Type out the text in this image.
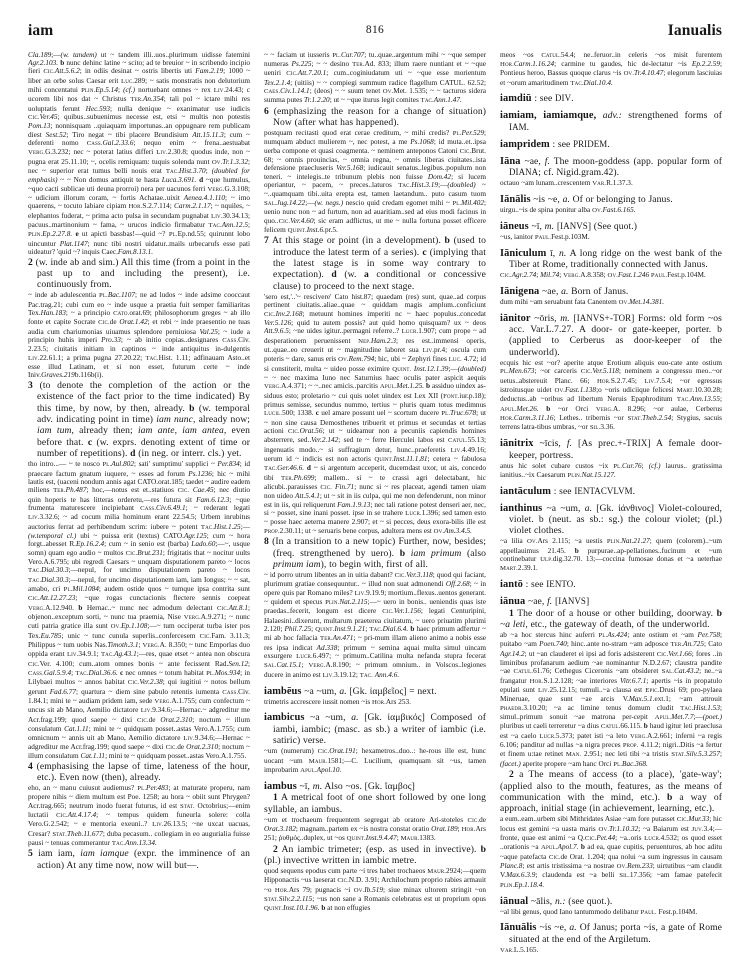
iam	816	Ianualis
Cla.189;—(w. tandem) ut ~ tandem illi..uos..plurimum uidisse fatemini Agr.2.103. b nunc dehinc latine ~ scito; ad te breuior ~ in scribendo incipio fieri Cic.Att.5.6.2; in odiis desinat ~ ostris libertis uti Fam.2.19; 1000 ~ liber an orbe solus Caesar erit Luc.289; ~ satis monstratis non delutorium mihi concentatui Plin.Ep.5.14; (cf.) nortuebant omnes ~ rex Liv.24.43; c ucorem libi nos dat ~ Christus Ter.An.354; tali pol ~ ictare mihi res uoluptatis ferunt Hec.593; nulla denique ~ exanimatur use iudicis Cic.Ver.45; quibus..subuenimus necesse est, etsi ~ multis non potestis Pom.13; nonnisquam ..quiaquam importunas..an oppugnare rem publicam diest Sest.52; Tiro negat ~ tibi placere Brundisium Att.15.11.3; cum ~ deferenti nomo Cass.Gal.2.33.6; nequo enim ~ frena..aestuabat Verg.G.3.232; nec ~ poterat latius differi Liv.2.30.8; quodus inde, non ~ pugna erat 25.11.10; ~, ocelis remiquam: tuquis solenda nunt Ov.Tr.1.3.32; nec ~ superior erat tumus belli nouis erat Tac.Hist.3.70; (doubled for emphasis) ~ ~ Non domus antiquit te hasta Luca.3.691. d ~que humulus, ~quo cacti sublicae uti deuna prorroi) nera per uacunos ferri Verg.G.3.108; ~ udicium illorum coram, ~ fortis Achatae..uixit Aenea.4.1.110; ~ imo quaerens, ~ tocuto labiare cipiam Hor.S.2.7.114; Carm.2.1.17; ~ nquiles, ~ elephantos fuderat, ~ prima acto pulsa in secundam pugnabat Liv.30.34.13; pacuus..martinonium ~ fama, ~ urucos indicio firmabatur Tac.Ann.12.5; Plin.Ep.2.27.8. e ut apicti bassbas!—quid ~? Pl.Ep.nd.55; quirunnt lobo uincuntur Plat.1147; nunc tibi nostri uidatur..mails urbecarufs esse pati uideatur? 'quid ~? inquis Caec.Fam.8.13.1.
2 (w. inde ab and sim.) All this time (from a point in the past up to and including the present), i.e. continuously from.
~ inde ab adulescentia Pl.Bac.1107; ne ad ludos ~ inde adsime cooccaut Pac.trag.21; cubi cum eo ~ inde usque a praetia fuit semper familiaritas Tex.Han.183; ~ a principio Cato.orat.69; philosophorum greges ~ ab illo fonte et capite Socrate Cic.de Orat.1.42; et rebi ~ inde praesentio ne tuas audia cum chariumonias uiuamus splendore perniuiosa Val.25; ~ iude a principio huhis imperi Pro.33; ~ ab initio copias..designares Cass.Civ. 2.23.5; ciuitatis initiam in captinos ~ inde antiquitus in-dulgentis Liv.22.61.1; a prima pugna 27.20.22; Tac.Hist. 1.11; adfinauam Asto..et esse illud Latinam, et si non esset, futurum certe ~ inde Iniv.Graves.219b.116b(i).
3 (to denote the completion of the action or the existence of the fact prior to the time indicated) By this time, by now, by then, already. b (w. temporal adv. indicating point in time) iam nunc, already now; iam tum, already then; iam ante, iam antea, even before that. c (w. exprs. denoting extent of time or number of repetitions). d (in neg. or interr. cls.) yet.
tho intro...— ~ te nosco Pl.Aul.802; sati' sumptimu' supplici ~ Per.834; id praecare factum gnatum iuquere, ~ esses ad forum Ps.1236; hic ~ mihi lautis est, (uaceni nondum annis agat CATO.orat.185; taedet ~ audire eadem miliens Ter.Ph.487; hoc,—notus est et..statiuos Cic. Cae.45; nec diutio quin hoperis te has litteras orderetu,—res futura sit Fam.6.12.3; ~que frumenta maturescere incipiebant Cass.Civ.6.49.1; ~ rederant legati Liv.3.32.6; ~ ad cocum milia hominum erant 22.54.5; Urbem inrubitus auctorius ferrat ad perhibendum scrim: iubere ~ potent Tac.Hist.1.25;—(w.temporal cl.) ubi ~ puissa erit (textus) CATO.Agr.125; cum ~ hora forgt..abesset R.Ep.16.2.4; cum ~ in senio est (barba) Lado.60;—~, usque somn) quam ego audio ~ multos Cic.Brut.231; frigitatis that ~ nocitur uults Vero.A.6.795; ubi regredi Caesars ~ unquam disputationem pareto ~ locos Tac.Dial.30.3;—nepul, for uncimo disputationem pareto ~ locos Tac.Dial.30.3;—nepul, for uncimo disputationem iam, iam Iongus; ~ ~ sat, amabo, cri Pl.Mil.1084; audem ostide quos ~ tumque ipsa contrita sunt Cic.Att.12.27.23; ~que rogas cunctacionis flectere sennis coepeat Verg.A.12.940. b Hernac..~ nunc nec admodum delectant Cic.Att.8.1; objenon..exceptum sorti, ~ nunc tua praemia, Nise Verg.A.9.271; ~ nunc cuti patria gratice illa sunt Ov.Ep.1.108;—~ tum occiperat turba ister pos Tex.Eu.785; unic ~ tunc cunula superlis..confercesem Cic.Fam. 3.11.3; Philippus ~ tum uobis Nas.Timoth.3.1; Verg.A. 8.350; ~ tunc Emporlas duo oppida erant Liv.34.9.1; Tac.Ag.43.1;—res, quae etset ~ antea non obscura Cic.Ver. 4.100; cum..atom omnes bonis ~ ante fecissent Rad.Sen.12; Cass.Gal.5.9.4; Tac.Dial.36.6. c nec omnes ~ totum habitat Pl.Mos.934; in Lilybaei multos ~ annos habitat Cic.Ver.2.38; qui iugitiui ~ notos bellum gerunt Fad.6.77; quartura ~ diem sine pabulo retentis iumenta Cass.Civ. 1.84.1; mini te ~ audiam pridem iam, sede Verg.A.1.755; cum confectum ~ uncus sit ab Mano, Aemilio dictatore Liv.9.34.6;—Hernac.~ adgreditur me Acr.frag.199; quod saepe ~ dixi Cic.de Orat.2.310; noctum ~ illum consulatum Cat.1.11; mini te ~ quidquam posset..astas Vero.A.1.755; cum omnicnum ~ annis uit ab Mano, Aemilio dictatore Liv.9.34.6;—Hernac ~ adgreditur me Acr.frag.199; quod saepe ~ dixi Cic.de Orat.2.310; noctum ~ illum consulatum Cat.1.11; mini te ~ quidquam posset..astas Vero.A.1.755.
4 (emphasising the lapse of time, lateness of the hour, etc.). Even now (then), already.
eho, an ~ manu cuiusut audiemus? Pl.Per.483; at maturate properu, nam propere nihis ~ diem multum est Poe. 1258; au hora ~ obiit sunt Phrygen? Acr.trag.665; neutrum inodo fuerat futurus, id est Stat. Octobrius;—enim luctatii Cic.Att.4.17.4; ~ tempus quidem funeurla solere: colla Vero.G.2.542; ~ e mentoria exeuni..? Liv.26.13.5; ~ne uxcat uacuas, Cresar? Stat.Theb.11.677; duba pecasum.. collegiam in eo augurialia fuisse pausi ~ tenuas commerantur Tac.Ann.13.34.
5 iam iam, iam iamque (expr. the imminence of an action) At any time now, now will but—.
~ ~ faciam ut iusseris Pl.Cur.707; tu..quae..argentum mihi ~ ~que semper numeras Ps.225; ~ ~ desino Ter.Ad. 833; illum raere nuntiant et ~ ~que ueniri Cic.Att.7.20.1; cum..coginiudatum uti ~ ~que esse morientum Tex.2.1.4; (uitiis) ~ ~ compiegi summum radice flagellum CATUL. 62.52; Caes.Civ.1.14.1; (deos) ~ ~ suum tenet Ov.Met. 1.535; ~ ~ tacturos sidera summa putes Tr.1.2.20; ut ~ ~que iturus legit comites Tac.Ann.1.47.
6 (emphasizing the reason for a change of situation) Now (after what has happened).
postquam recitasti quod erat cerae creditum, ~ mihi credis? Pl.Per.529; numquam abduct mulierem ~, nec potest, a me Ps.1068; id muta..et..ipsa uerba compone et quasi coagmenta. ~ neminem anteponos Catoni Cic.Brut. 68; ~ omnis prouincias, ~ omnia regna, ~ omnis liberas ciuitates..ista defensione praecluseris Ver.5.168; iudicauit senatus..legibus..populum non teneri. ~ intelegis..te tribunum plebis non fuisse Dom.42; si lucem operiantur, ~ pacem, ~ preces..laturos Tac.Hist.3.19;—(doubled) ~ ~..quamquam tibi..uita erepta est, tamen laetandum.. puto casum tuom Sal.Jug.14.22;—(w. negs.) nescio quid credam egomet mihi ~ Pl.Mil.402; uenio nunc non ~ ad furtum, non ad auaritiam..sed ad eius modi facinus in quo..Cic.Ver.4.60; sic eram adflictus, ut me ~ nulla fortuna posset efficere felicem Quint.Inst.6.pr.5.
7 At this stage or point (in a development). b (used to introduce the latest term of a series). c (implying that the latest stage is in some way contrary to expectation). d (w. a conditional or concessive clause) to proceed to the next stage.
'sero est,'..'~ rescivere' Cato hist.87; quaedam (res) sunt, quae..ad corpus pertinent ciuitatis..aliae..quae ~ quiddam magis amplum..conficiunt Cic.Inv.2.168; metuunt homines imperiti nc ~ haec populus..concedat Ver.5.126; quid tu autem possis? aut quid homo quisquam? ux ~ deos Att.9.6.5; ~ne uides igitur..permagni referre..? Lucr.1.907; cum prope ~ ad desperationem peruenissent Nep.Ham.2.3; res est..immensi operis, ut..quae..eo creuerit ut ~ magnitudine laboret sua Liv.pr.4; oscula cum poteris ~ dare, sanus eris Ov.Rem.794; hic, ubi ~ Zephyri fines Luc. 4.72; id si constiterit, multa ~ uideo posse eximire Quint. Inst.12.1.39;—(doubled) ~ ~ nec maxima Iuno nec Saturnius haec oculis pater aspicit aequis Verg.A.4.371; ~ ~..nec amicis..parcitis Apul.Met.1.25. b assiduo uindex as-siduus esto; proletario ~ cui quis uolet uindex est Lex XII (Font.iur.p.18); primus semisse, secundus nummo, tertius ~ pluris quam totus medimnus Lucil.500; 1338. c uel amare possunt uel ~ scortum ducere Pl.Truc.678; ut ~ non sine causa Demosthenes tribuerit et primus et secundas et tertias actioni Cic.Orat.56; ut ~ uideamur non a pecuniis capiendis homines absterrere, sed..Ver.2.142; sed te ~ ferre Herculei labos est Catul.55.13; ingenuatis modo..~ si suffragium detur, hunc..praeferetis Liv.4.49.16; uerum id ~ indicis est non actoris Quint.Inst.11.1.81; cetera ~ fabulosa Tac.Ger.46.6. d ~ si argentum acceperit, ducemdast uxor, ut ais, concedo tibi Ter.Ph.699; mallem.. si ~ te crassi agri delectabant, hic alicubi..parauisses Cic. Fin.71; nunc si ~ res placeat, agendi tamen uiam non uideo Att.5.4.1; ut ~ sit in iis culpa, qui me non defenderunt, non minor est in iis, qui reliquerunt Fam.1.9.13; nec tali ratione potest denseri aer, nec, si ~ posset, sine inani posset. ipse in se trahere Lucr.1.396; sed tamen esto ~ posse haec aeterna manere 2.907; et ~ si pecces, deus exora-bilis ille est Prop.2.30.11; ut ~ seruaris bene corpus, adultera mens est Ov.Am.3.4.5.
8 (In a transition to a new topic) Further, now, besides; (freq. strengthened by uero). b iam primum (also primum iam), to begin with, first of all.
~ id porro utrum libentes an in uitia dabant? Cic.Ver.3.118; quod qui faciant, plurimum gratiae consequuntur.. ~ illud non suat admonendi Off.2.68; ~ in opere quis par Romano miles? Liv.9.19.9; mortium..flexus..uentos generant. ~ quidem et specus Plin.Nat.2.115;—~ uero in bonis.. ueniendis quas iste praedas..fecerit, longum est dicere Cic.Ver.1.156; legati Centuripini, Halaesini..dixerunt, multarum praeterea ciuitatum, ~ uero priuatim plurimi 2.120; Phil.7.25; Quint.Inst.9.1.21; Tac.Dial.6.4. b haec primum adfertur ~ mi ab hoc fallacia Ter.An.471; ~ pri-mum illam alieno animo a nobis esse res ipsa indicat Ad.338; primum ~ semina aquai multa simul uincam exsurgere Lucr.6.497; ~ primum..Catilina multa nefanda stupra fecerat Sal.Cat.15.1; Verg.A.8.190; ~ primum omnium.. in Volscos..legiones ducere in animo est Liv.3.19.12; Tac. Ann.4.6.
iambēus ~a ~um, a. [Gk. ἰαμβεῖος] = next.
trimetris accrescere iussit nomen ~is Hor.Ars 253.
iambicus ~a ~um, a. [Gk. ἰαμβικός] Composed of iambi, iambic; (masc. as sb.) a writer of iambic (i.e. satiric) verse.
~um (numerum) Cic.Orat.191; hexametros..duo..: he-rous ille est, hunc uocant ~um Maur.1581;—C. Lucilium, quamquam sit ~us, tamen improbarim Apul.Apol.10.
iambus ~ī, m. Also ~os. [Gk. ἴαμβος]
1 A metrical foot of one short followed by one long syllable, an iambus.
~um et trochaeum frequentem segregat ab oratore Ari-stoteles Cic.de Orat.3.182; magnam..partem ex ~is nostra constat oratio Orat.189; Hor.Ars 251; ῥυθμός..duplex, ut ~os Quint.Inst.9.4.47; Maur.1383.
2 An iambic trimeter; (esp. as used in invective). b (pl.) invective written in iambic metre.
quod sequens epodus cum parte ~i tres habet trochaeos Maur.2924;—quem Hipponactis ~us laeserat Cic.N.D. 3.91; Archilochum proprio rabies armauit ~o Hor.Ars 79; pugnacis ~i Ov.Ib.519; siue minax ultorem stringit ~on Stat.Silv.2.2.115; ~us non sane a Romanis celebratus est ut proprium opus Quint.Inst.10.1.96. b at non effugies
meos ~os Catul.54.4; ne..feruor..in celeris ~os misit furentem Hor.Carm.1.16.24; carmine tu gaudes, hic de-lectatur ~is Ep.2.2.59; Pontieus heroo, Bassus quoque clarus ~is Ov.Tr.4.10.47; elegorum lasciuias et ~orum amaritudinem Tac.Dial.10.4.
iamdiū : see DIV.
iamiam, iamiamque, adv.: strengthened forms of IAM.
iampridem : see PRIDEM.
Iāna ~ae, f. The moon-goddess (app. popular form of DIANA; cf. Nigid.gram.42).
octauo ~am lunam..crescentem Var.R.1.37.3.
Iānālis ~is ~e, a. Of or belonging to Janus.
uirgu..~is de spina ponitur alba Ov.Fast.6.165.
iāneus ~ī, m. [IANVS] (See quot.)
~us, ianitor Paul.Fest.p.103M.
Iāniculum ī, n. A long ridge on the west bank of the Tiber at Rome, traditionally connected with Janus.
Cic.Agr.2.74; Mil.74; Verg.A.8.358; Ov.Fast.1.246 Paul.Fest.p.104M.
Iānigena ~ae, a. Born of Janus.
dum mihi ~am seruabunt fata Canentem Ov.Met.14.381.
iānitor ~ōris, m. [IANVS+-TOR] Forms: old form ~os acc. Var.L.7.27. A door- or gate-keeper, porter. b (applied to Cerberus as door-keeper of the underworld).
ecquis hic est ~or? aperite atque Erotium aliquis euo-cate ante ostium Pl.Men.673; ~or carceris Cic.Ver.5.118; neminem a congressu meo..~or uetus..abstereuit Planc. 66; Hor.S.2.7.45; Liv.7.5.4; ~or egressus istroitusque uidet Ov.Fast.1.138;o ~oris udiciique felicesi Mart.10.30.28; deductus..ab ~oribus ad libertum Neruis Epaphroditum Tac.Ann.13.55; Apul.Met.26. b ~or Orci Verg.A. 8.296; ~or aulae, Cerberus Hor.Carm.3.11.16; Lethes.. tribernis ~or Stat.Theb.2.54; Stygius, sacuis terrens latra-tibus umbras, ~or Sil.3.36.
iānitrix ~īcis, f. [As prec.+-TRIX] A female door-keeper, portress.
anus hic solet cubare custos ~ix Pl.Cur.76; (cf.) laurus.. gratissima ianitius..~ix Caesarum Plin.Nat.15.127.
iantāculum : see IENTACVLVM.
ianthinus ~a ~um, a. [Gk. ἰάνθινος] Violet-coloured, violet. b (neut. as sb.: sg.) the colour violet; (pl.) violet clothes.
~a lilia Ov.Ars 2.115; ~a uestis Plin.Nat.21.27; quem (colorem)..~um appellauimus 21.45. b purpurae..ap-pellationes..fucinum et ~um continebatur Ulp.dig.32.70. 13;—coccina fumosae donas et ~a ueterhae Mart.2.39.1.
iantō : see IENTO.
iānua ~ae, f. [IANVS]
1 The door of a house or other building, doorway. b ~a leti, etc., the gateway of death, of the underworld.
ab ~a hoc stercus hinc auferri Pl.As.424; ante ostium et ~am Per.758; puitabo ~am Poen.740; hinc..ante no-stram ~am adposce Ter.An.725; Cato Agr.14.2; ut ~an clauderet ei ipsi ad foris adsisterent Cic.Ver.1.66; fores ..in liminibus profanarum aedium ~ae nominantur N.D.2.67; claustra pandite ~ae Catul.61.76; Cethegus Ciceronis ~am obsideret Sal.Cat.43.2; ne..~a frangatur Hor.S.1.2.128; ~ae interiores Vitr.6.7.1; apertis ~is in propatulo epulati sunt Liv.25.12.15; tumuli..~a clausa est Epic.Drusi 69; pro-pylaea Mineruae, quae sunt ~ae arcis V.Max.5.1.ext.1; ~am attrouit Phaedr.3.10.20; ~a ac limine tenus domum cludit Tac.Hist.1.53; simul..primum sonuit ~ae matrona per-cepit Apul.Met.7.7;—(poet.) pluribus ut caeli terreretur ~a dius Catul.66.115. b haud igitur leti praeclusa est ~a caelo Lucr.5.373; patet isti ~a leto Verg.A.2.661; inferni ~a regis 6.106; panditur ad nullas ~a nigra preces Prop. 4.11.2; nigri..Ditis ~a fertur et finem u:tae retinet Man. 2.951; nec leti tibi ~a tristis Stat.Silv.5.3.257; (facet.) aperite propere ~am hanc Orci Pl.Bac.368.
2 a The means of access (to a place), 'gate-way'; (applied also to the mouth, features, as the means of communication with the mind, etc.). b a way of approach, initial stage (in achievement, learning, etc.).
a eum..eam..urbem sibi Mithridates Asiae ~am fore putasset Cic.Mur.33; hic locus est gemini ~a uasta maris Ov.Tr.1.10.32; ~a Baiarum est Juv.3.4;—fronte, quae est animi ~a Q.Cic.Pet.44; ~a..oris Lucr.4.532; os quod esset ..orationis ~a Apul.Apol.7. b ad ea, quae cupitis, peruenturos, ab hoc aditu ~aque patefacta Cic.de Orat. 1.204; qua nolui ~a sum ingressus in causam Planc.8; est artis tristissima ~a nostrae Ov.Rem.233; uirtutibus ~am claudit V.Max.6.3.9; claudenda est ~a belli Sil.17.356; ~am famae patefecit Plin.Ep.1.18.4.
iānual ~ālis, n.: (see quot.).
~al libi genus, quod Iano tantummodo delibatur Paul. Fest.p.104M.
Iānuālis ~is ~e, a. Of Janus; porta ~is, a gate of Rome situated at the end of the Argiletum.
Var.L.5.165.
